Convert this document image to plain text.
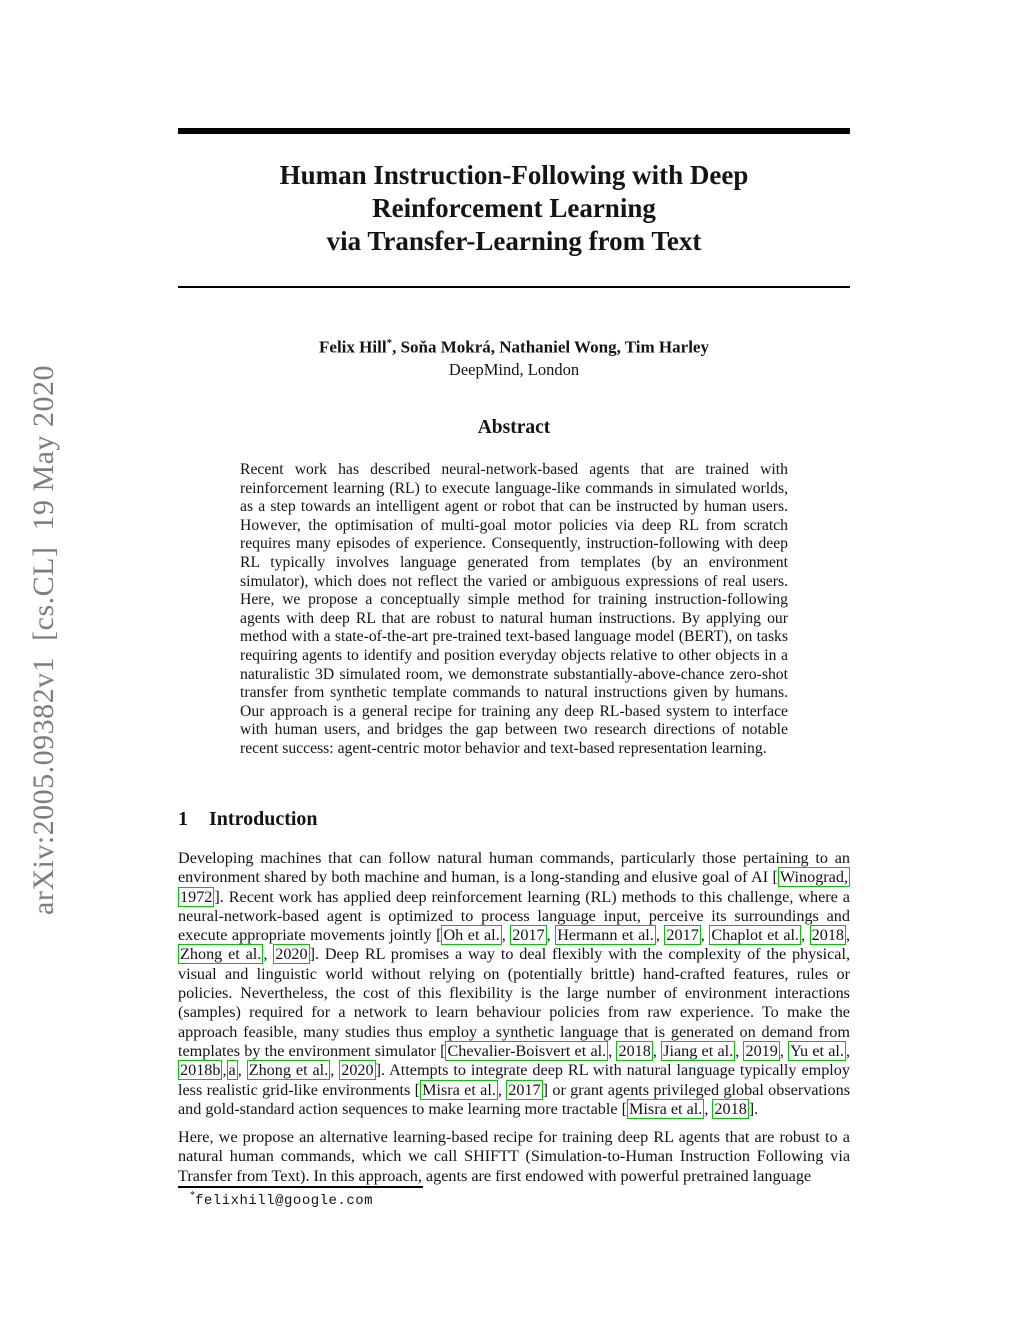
arXiv:2005.09382v1  [cs.CL]  19 May 2020
Human Instruction-Following with Deep
Reinforcement Learning
via Transfer-Learning from Text
Felix Hill*, Soňa Mokrá, Nathaniel Wong, Tim Harley
DeepMind, London
Abstract
Recent work has described neural-network-based agents that are trained with reinforcement learning (RL) to execute language-like commands in simulated worlds, as a step towards an intelligent agent or robot that can be instructed by human users. However, the optimisation of multi-goal motor policies via deep RL from scratch requires many episodes of experience. Consequently, instruction-following with deep RL typically involves language generated from templates (by an environment simulator), which does not reflect the varied or ambiguous expressions of real users. Here, we propose a conceptually simple method for training instruction-following agents with deep RL that are robust to natural human instructions. By applying our method with a state-of-the-art pre-trained text-based language model (BERT), on tasks requiring agents to identify and position everyday objects relative to other objects in a naturalistic 3D simulated room, we demonstrate substantially-above-chance zero-shot transfer from synthetic template commands to natural instructions given by humans. Our approach is a general recipe for training any deep RL-based system to interface with human users, and bridges the gap between two research directions of notable recent success: agent-centric motor behavior and text-based representation learning.
1 Introduction

Developing machines that can follow natural human commands, particularly those pertaining to an environment shared by both machine and human, is a long-standing and elusive goal of AI [ Winograd, 1972 ]. Recent work has applied deep reinforcement learning (RL) methods to this challenge, where a neural-network-based agent is optimized to process language input, perceive its surroundings and execute appropriate movements jointly [ Oh et al. , 2017 , Hermann et al. , 2017 , Chaplot et al. , 2018 , Zhong et al. , 2020 ]. Deep RL promises a way to deal flexibly with the complexity of the physical, visual and linguistic world without relying on (potentially brittle) hand-crafted features, rules or policies. Nevertheless, the cost of this flexibility is the large number of environment interactions (samples) required for a network to learn behaviour policies from raw experience. To make the approach feasible, many studies thus employ a synthetic language that is generated on demand from templates by the environment simulator [ Chevalier-Boisvert et al. , 2018 , Jiang et al. , 2019 , Yu et al. , 2018b , a , Zhong et al. , 2020 ]. Attempts to integrate deep RL with natural language typically employ less realistic grid-like environments [ Misra et al. , 2017 ] or grant agents privileged global observations and gold-standard action sequences to make learning more tractable [ Misra et al. , 2018 ].

Here, we propose an alternative learning-based recipe for training deep RL agents that are robust to a natural human commands, which we call SHIFTT (Simulation-to-Human Instruction Following via Transfer from Text). In this approach, agents are first endowed with powerful pretrained language

*felixhill@google.com
